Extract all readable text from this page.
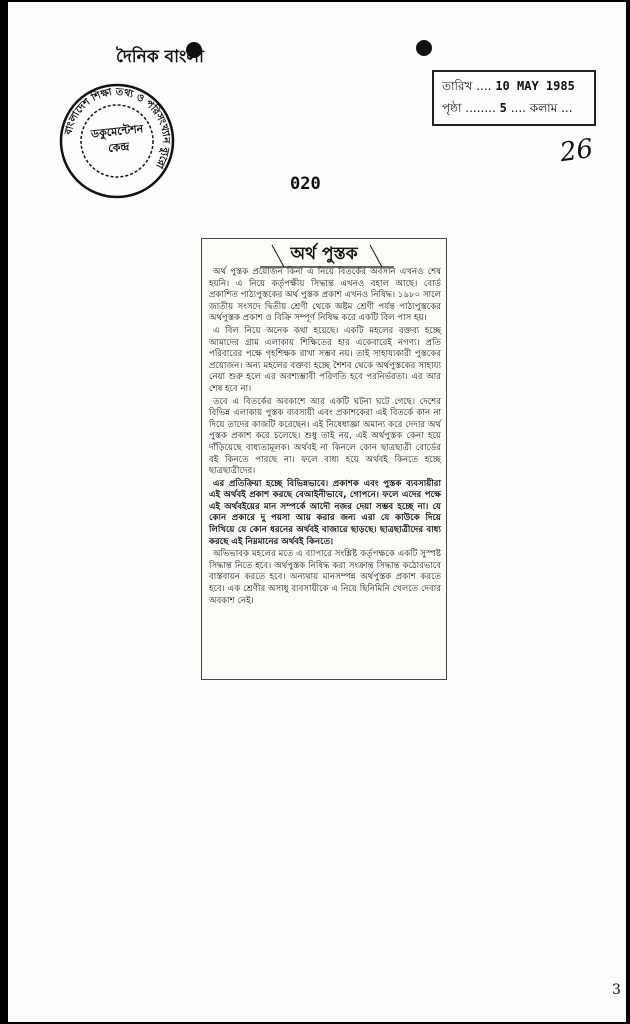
দৈনিক বাংলা
বাংলাদেশ শিক্ষা তথ্য ও পরিসংখ্যান ব্যুরো
ডকুমেন্টেশন কেন্দ্র
তারিখ .... 10 MAY 1985
পৃষ্ঠা ........ 5 .... কলাম ...
26
020
অর্থ পুস্তক

অর্থ পুস্তক প্রয়োজন কিনা এ নিয়ে বিতর্কের অবসান এখনও শেষ হয়নি। এ নিয়ে কর্তৃপক্ষীয় সিদ্ধান্ত এখনও বহাল আছে। বোর্ড প্রকাশিত পাঠ্যপুস্তকের অর্থ পুস্তক প্রকাশ এখনও নিষিদ্ধ। ১৯৮০ সালে জাতীয় সংসদে দ্বিতীয় শ্রেণী থেকে অষ্টম শ্রেণী পর্যন্ত পাঠ্যপুস্তকের অর্থপুস্তক প্রকাশ ও বিক্রি সম্পূর্ণ নিষিদ্ধ করে একটি বিল পাস হয়।

এ বিল নিয়ে অনেক কথা হয়েছে। একটি মহলের বক্তব্য হচ্ছে আমাদের গ্রাম এলাকায় শিক্ষিতের হার একেবারেই নগণ্য। প্রতি পরিবারের পক্ষে গৃহশিক্ষক রাখা সম্ভব নয়। তাই সাহায্যকারী পুস্তকের প্রয়োজন। অন্য মহলের বক্তব্য হচ্ছে শৈশব থেকে অর্থপুস্তকের সাহায্য নেয়া শুরু হলে এর অবশ্যম্ভাবী পরিণতি হবে পরনির্ভরতা। এর আর শেষ হবে না।

তবে এ বিতর্কের অবকাশে আর একটি ঘটনা ঘটে গেছে। দেশের বিভিন্ন এলাকায় পুস্তক ব্যবসায়ী এবং প্রকাশকেরা এই বিতর্কে কান না দিয়ে তাদের কাজটি করেছেন। এই নিষেধাজ্ঞা অমান্য করে দেদার অর্থ পুস্তক প্রকাশ করে চলেছে। শুধু তাই নয়, এই অর্থপুস্তক কেনা হয়ে দাঁড়িয়েছে বাধ্যতামূলক। অর্থবই না কিনলে কোন ছাত্রছাত্রী বোর্ডের বই কিনতে পারছে না। ফলে বাধ্য হয়ে অর্থবই কিনতে হচ্ছে ছাত্রছাত্রীদের।

এর প্রতিক্রিয়া হচ্ছে বিভিন্নভাবে। প্রকাশক এবং পুস্তক ব্যবসায়ীরা এই অর্থবই প্রকাশ করছে বেআইনীভাবে, গোপনে। ফলে এদের পক্ষে এই অর্থবইয়ের মান সম্পর্কে আদৌ নজর দেয়া সম্ভব হচ্ছে না। যে কোন প্রকারে দু পয়সা আয় করার জন্য এরা যে কাউকে দিয়ে লিখিয়ে যে কোন ধরনের অর্থবই বাজারে ছাড়ছে। ছাত্রছাত্রীদের বাধ্য করছে এই নিম্নমানের অর্থবই কিনতে।

অভিভাবক মহলের মতে এ ব্যাপারে সংশ্লিষ্ট কর্তৃপক্ষকে একটি সুস্পষ্ট সিদ্ধান্ত নিতে হবে। অর্থপুস্তক নিষিদ্ধ করা সংক্রান্ত সিদ্ধান্ত কঠোরভাবে বাস্তবায়ন করতে হবে। অন্যথায় মানসম্পন্ন অর্থপুস্তক প্রকাশ করতে হবে। এক শ্রেণীর অসাধু ব্যবসায়ীকে এ নিয়ে ছিনিমিনি খেলতে দেবার অবকাশ নেই।

3
